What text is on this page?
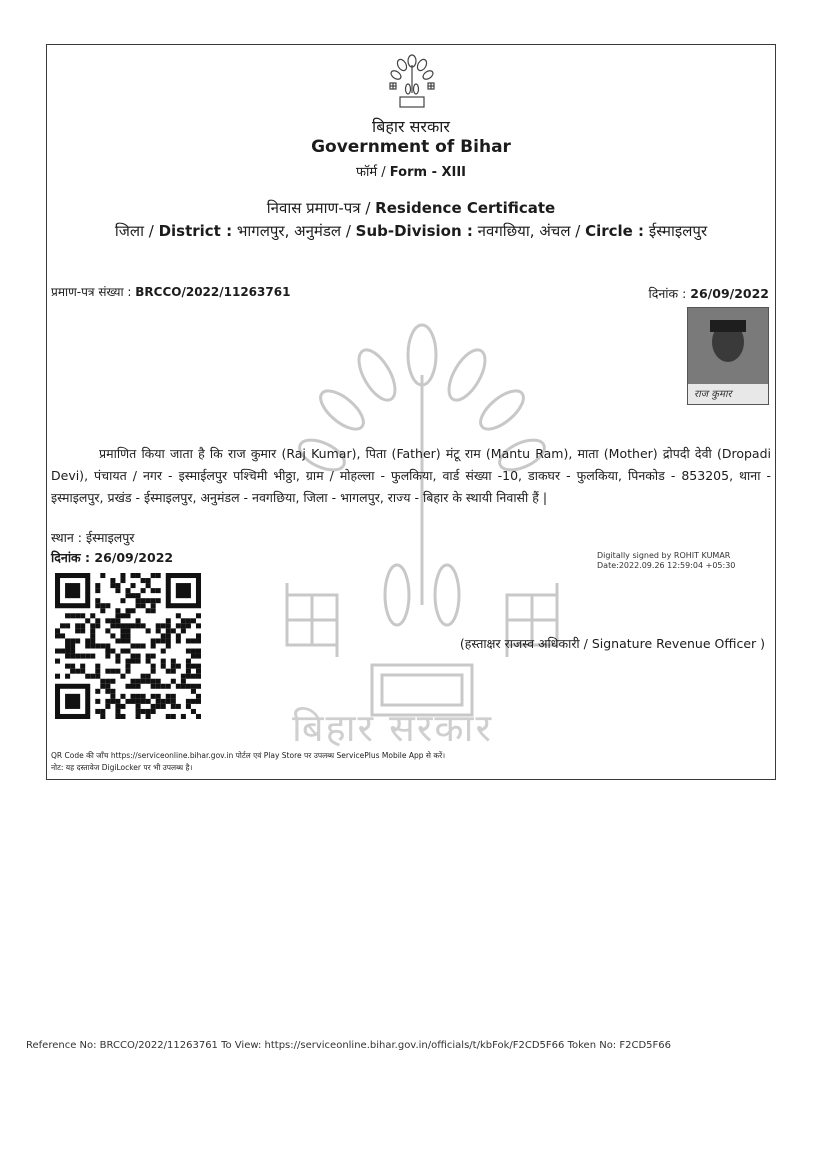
बिहार सरकार
Government of Bihar
फॉर्म / Form - XIII
निवास प्रमाण-पत्र / Residence Certificate
जिला / District : भागलपुर, अनुमंडल / Sub-Division : नवगछिया, अंचल / Circle : ईस्माइलपुर
प्रमाण-पत्र संख्या : BRCCO/2022/11263761	दिनांक : 26/09/2022
बिहार सरकार
राज कुमार
प्रमाणित किया जाता है कि राज कुमार (Raj Kumar), पिता (Father) मंटू राम (Mantu Ram), माता (Mother) द्रोपदी देवी (Dropadi Devi), पंचायत / नगर - इस्माईलपुर पश्चिमी भीठ्ठा, ग्राम / मोहल्ला - फुलकिया, वार्ड संख्या -10, डाकघर - फुलकिया, पिनकोड - 853205, थाना - इस्माइलपुर, प्रखंड - ईस्माइलपुर, अनुमंडल - नवगछिया, जिला - भागलपुर, राज्य - बिहार के स्थायी निवासी हैं |
स्थान : ईस्माइलपुर
दिनांक : 26/09/2022	Digitally signed by ROHIT KUMAR
Date:2022.09.26 12:59:04 +05:30
(हस्ताक्षर राजस्व अधिकारी / Signature Revenue Officer )
QR Code की जाँच https://serviceonline.bihar.gov.in पोर्टल एवं Play Store पर उपलब्ध ServicePlus Mobile App से करें।
नोट: यह दस्तावेज DigiLocker पर भी उपलब्ध है।
Reference No: BRCCO/2022/11263761 To View: https://serviceonline.bihar.gov.in/officials/t/kbFok/F2CD5F66 Token No: F2CD5F66
